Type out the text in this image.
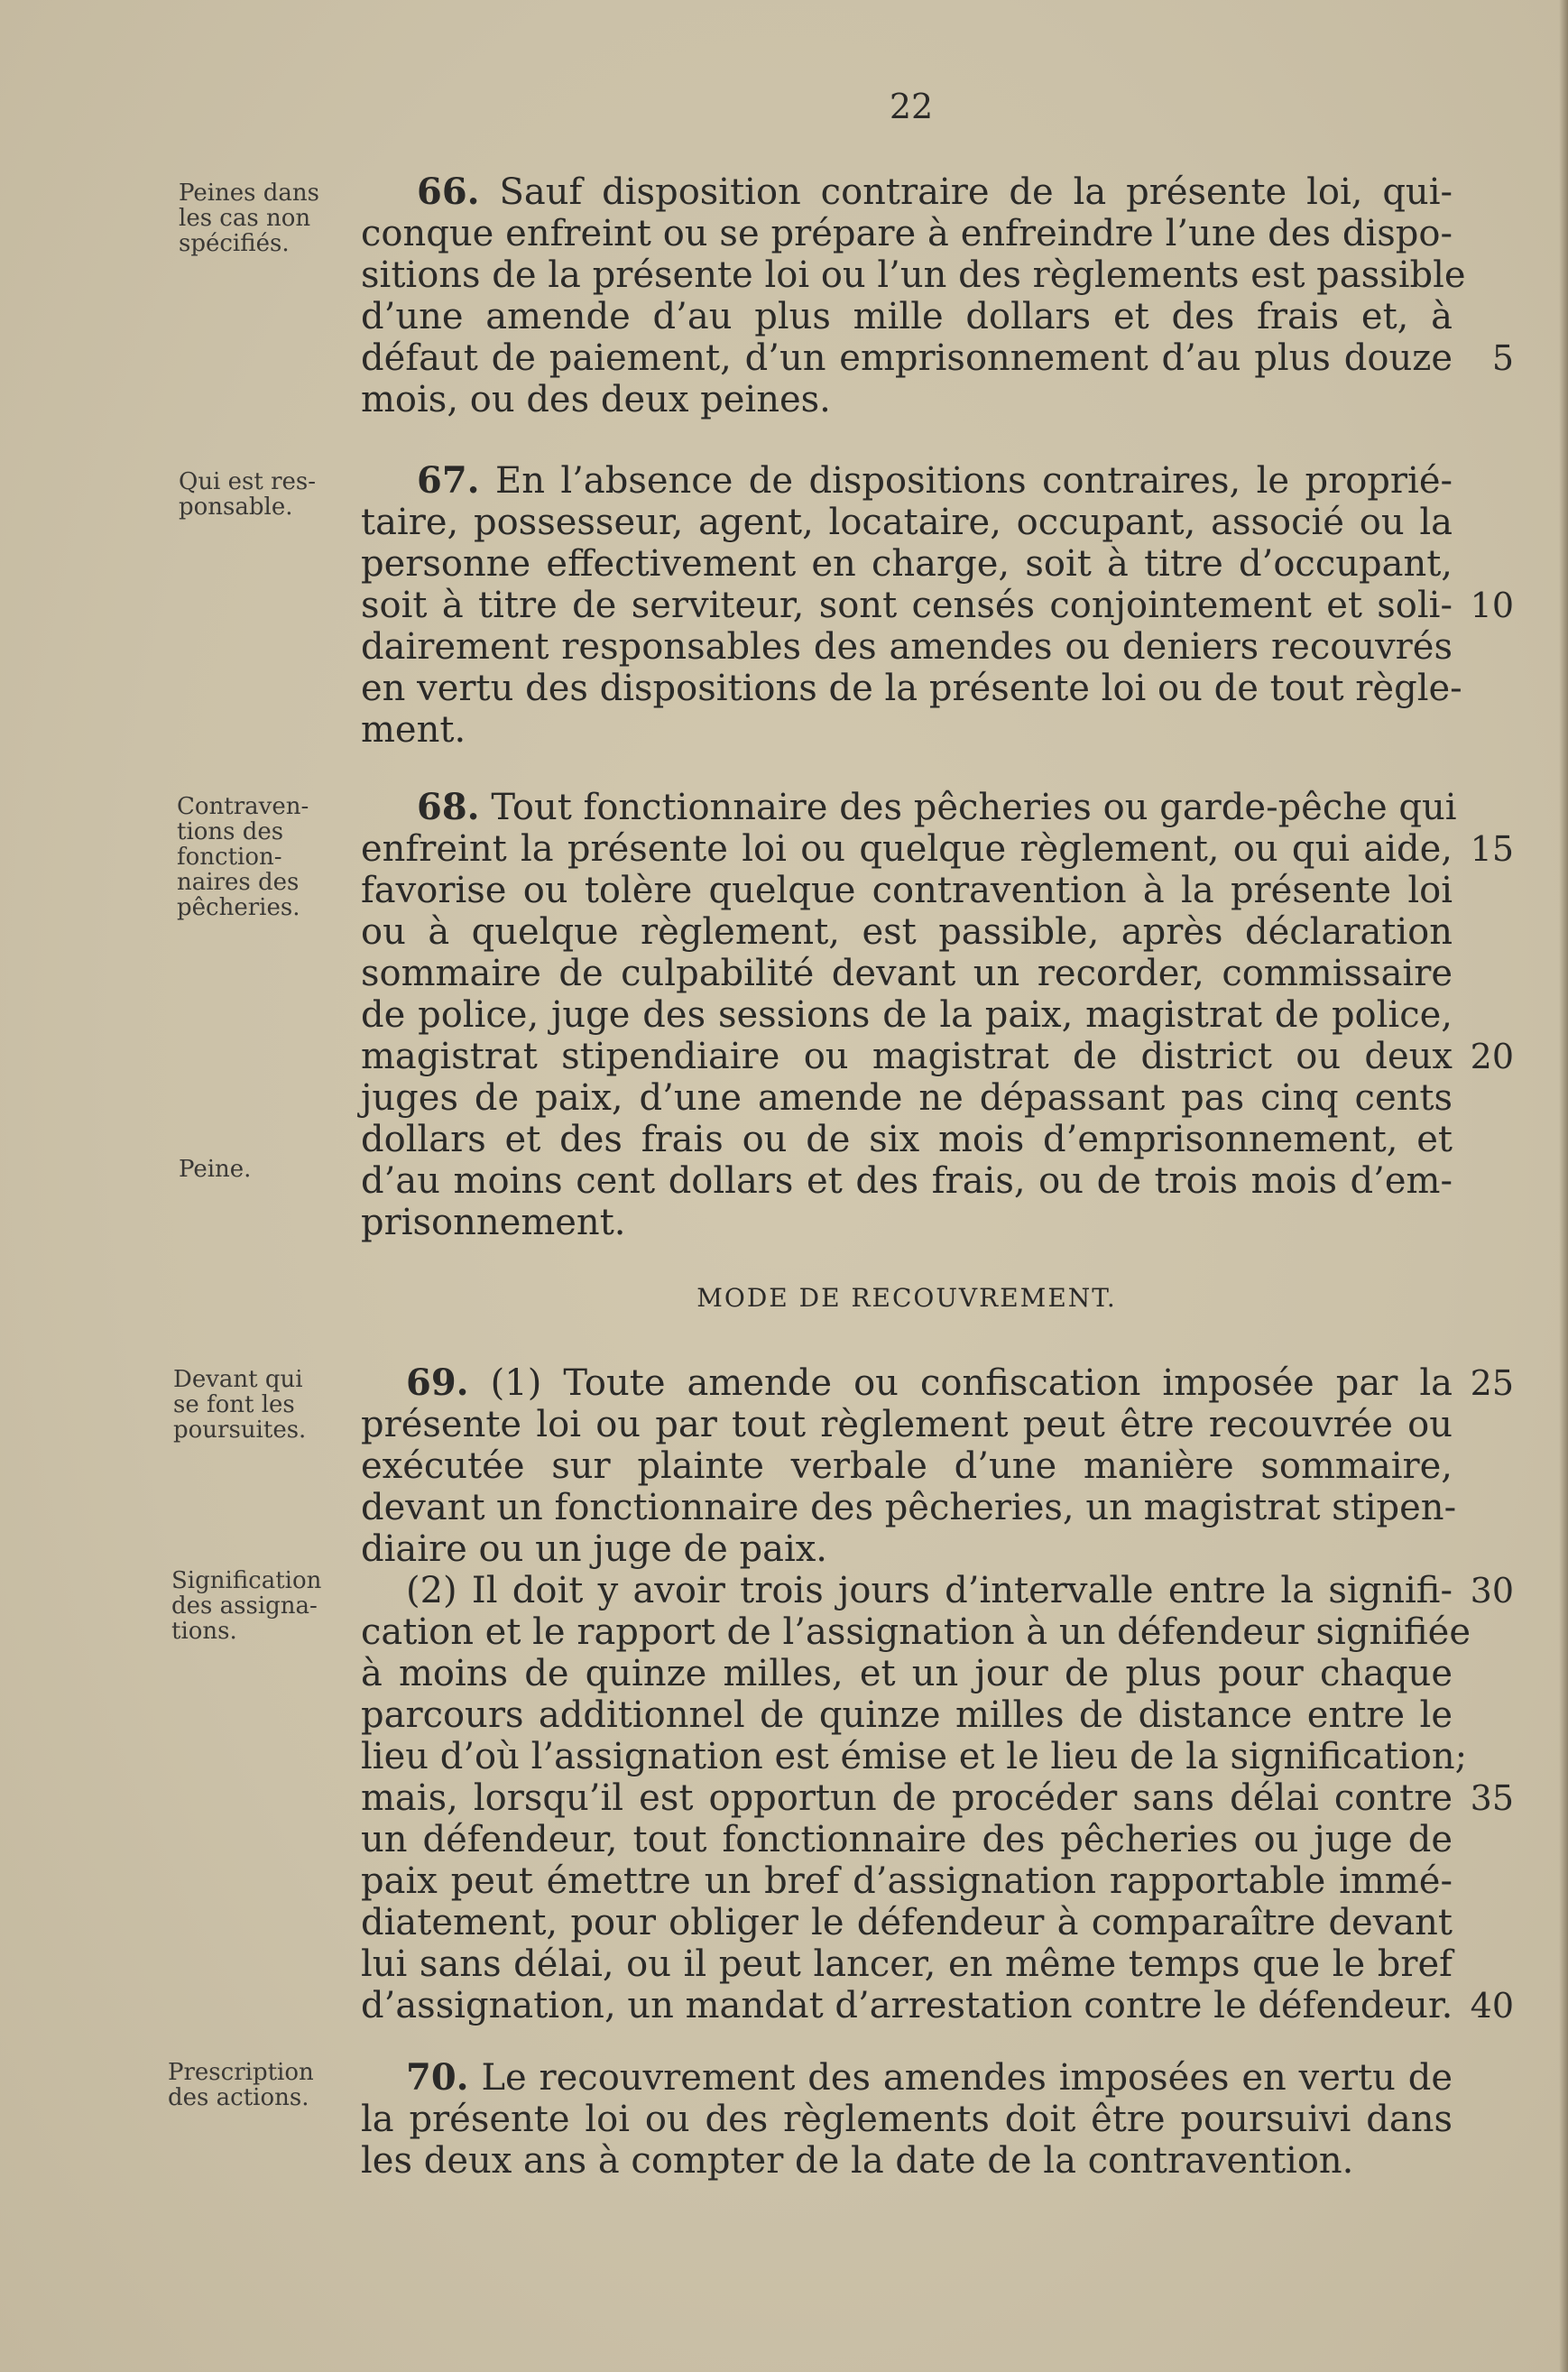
22
Peines dans
les cas non
spécifiés.
Qui est res-
ponsable.
Contraven-
tions des
fonction-
naires des
pêcheries.
Peine.
Devant qui
se font les
poursuites.
Signification
des assigna-
tions.
Prescription
des actions.
66. Sauf disposition contraire de la présente loi, qui-
conque enfreint ou se prépare à enfreindre l’une des dispo-
sitions de la présente loi ou l’un des règlements est passible
d’une amende d’au plus mille dollars et des frais et, à
défaut de paiement, d’un emprisonnement d’au plus douze
mois, ou des deux peines.
67. En l’absence de dispositions contraires, le proprié-
taire, possesseur, agent, locataire, occupant, associé ou la
personne effectivement en charge, soit à titre d’occupant,
soit à titre de serviteur, sont censés conjointement et soli-
dairement responsables des amendes ou deniers recouvrés
en vertu des dispositions de la présente loi ou de tout règle-
ment.
68. Tout fonctionnaire des pêcheries ou garde-pêche qui
enfreint la présente loi ou quelque règlement, ou qui aide,
favorise ou tolère quelque contravention à la présente loi
ou à quelque règlement, est passible, après déclaration
sommaire de culpabilité devant un recorder, commissaire
de police, juge des sessions de la paix, magistrat de police,
magistrat stipendiaire ou magistrat de district ou deux
juges de paix, d’une amende ne dépassant pas cinq cents
dollars et des frais ou de six mois d’emprisonnement, et
d’au moins cent dollars et des frais, ou de trois mois d’em-
prisonnement.
MODE DE RECOUVREMENT.
69. (1) Toute amende ou confiscation imposée par la
présente loi ou par tout règlement peut être recouvrée ou
exécutée sur plainte verbale d’une manière sommaire,
devant un fonctionnaire des pêcheries, un magistrat stipen-
diaire ou un juge de paix.
(2) Il doit y avoir trois jours d’intervalle entre la signifi-
cation et le rapport de l’assignation à un défendeur signifiée
à moins de quinze milles, et un jour de plus pour chaque
parcours additionnel de quinze milles de distance entre le
lieu d’où l’assignation est émise et le lieu de la signification;
mais, lorsqu’il est opportun de procéder sans délai contre
un défendeur, tout fonctionnaire des pêcheries ou juge de
paix peut émettre un bref d’assignation rapportable immé-
diatement, pour obliger le défendeur à comparaître devant
lui sans délai, ou il peut lancer, en même temps que le bref
d’assignation, un mandat d’arrestation contre le défendeur.
70. Le recouvrement des amendes imposées en vertu de
la présente loi ou des règlements doit être poursuivi dans
les deux ans à compter de la date de la contravention.
5
10
15
20
25
30
35
40
